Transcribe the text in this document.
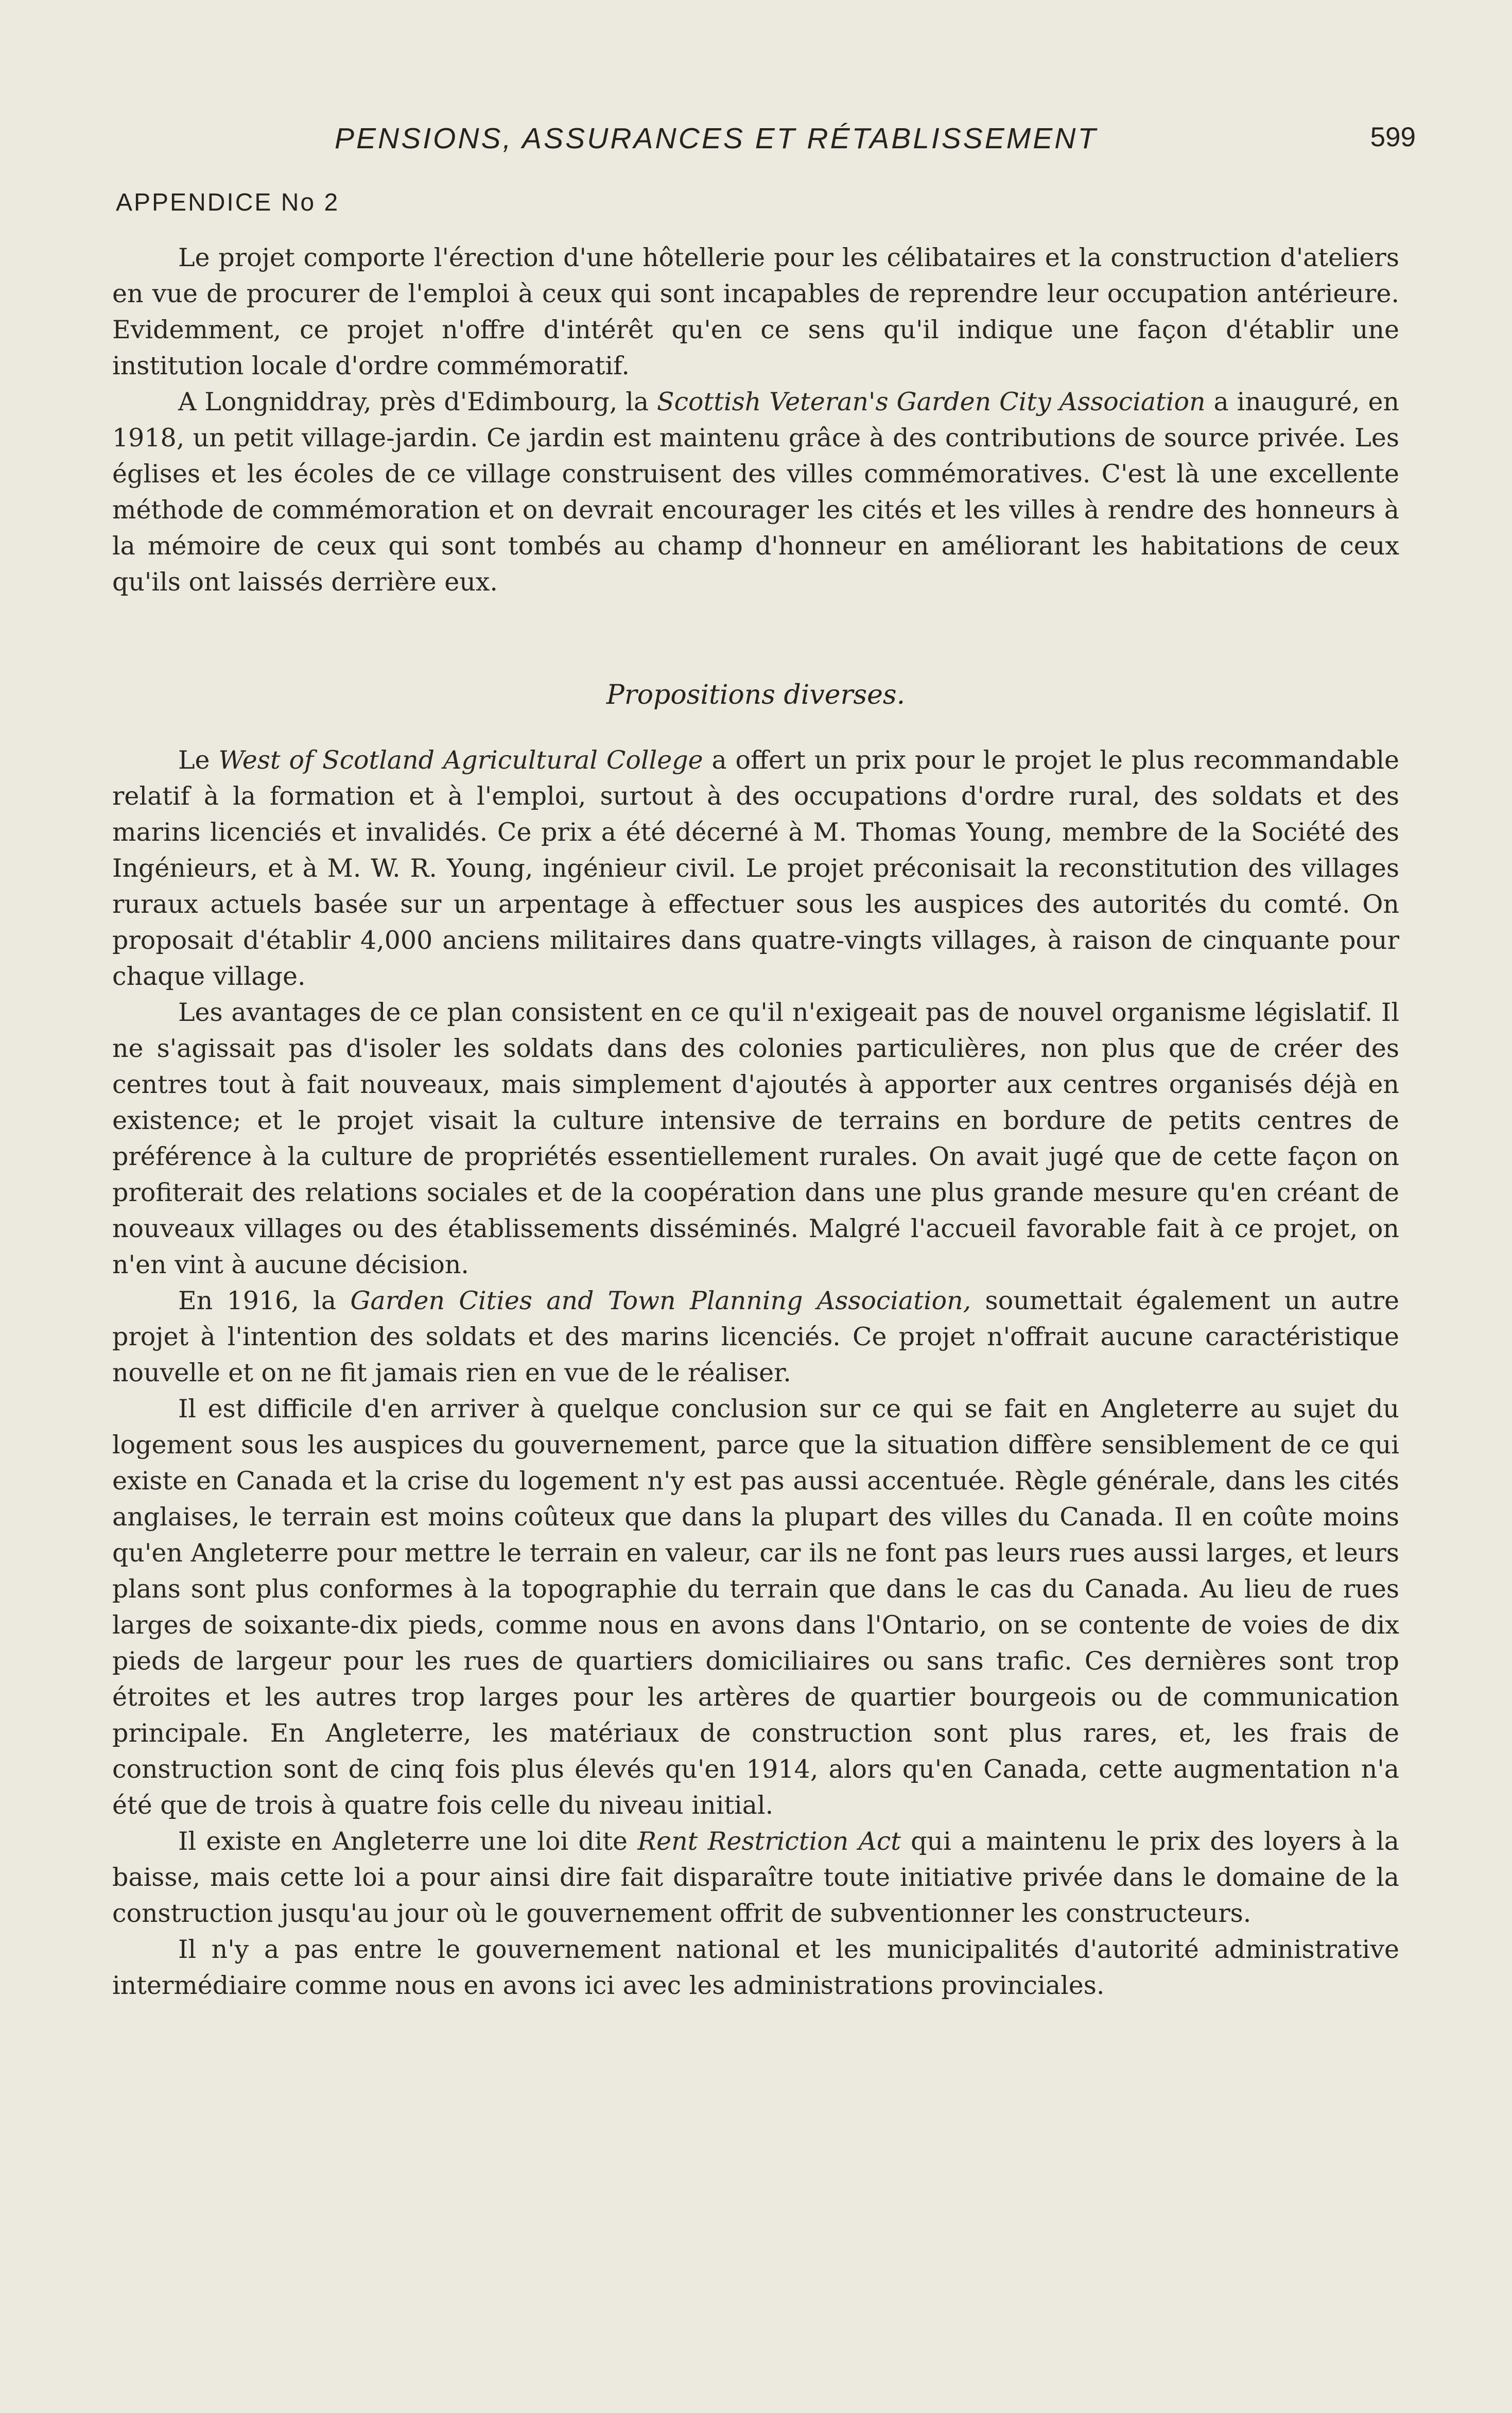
PENSIONS, ASSURANCES ET RÉTABLISSEMENT	599
APPENDICE No 2

Le projet comporte l'érection d'une hôtellerie pour les célibataires et la construction d'ateliers en vue de procurer de l'emploi à ceux qui sont incapables de reprendre leur occupation antérieure. Evidemment, ce projet n'offre d'intérêt qu'en ce sens qu'il indique une façon d'établir une institution locale d'ordre commémoratif.

A Longniddray, près d'Edimbourg, la Scottish Veteran's Garden City Association a inauguré, en 1918, un petit village-jardin. Ce jardin est maintenu grâce à des contributions de source privée. Les églises et les écoles de ce village construisent des villes commémoratives. C'est là une excellente méthode de commémoration et on devrait encourager les cités et les villes à rendre des honneurs à la mémoire de ceux qui sont tombés au champ d'honneur en améliorant les habitations de ceux qu'ils ont laissés derrière eux.

Propositions diverses.

Le West of Scotland Agricultural College a offert un prix pour le projet le plus recommandable relatif à la formation et à l'emploi, surtout à des occupations d'ordre rural, des soldats et des marins licenciés et invalidés. Ce prix a été décerné à M. Thomas Young, membre de la Société des Ingénieurs, et à M. W. R. Young, ingénieur civil. Le projet préconisait la reconstitution des villages ruraux actuels basée sur un arpentage à effectuer sous les auspices des autorités du comté. On proposait d'établir 4,000 anciens militaires dans quatre-vingts villages, à raison de cinquante pour chaque village.

Les avantages de ce plan consistent en ce qu'il n'exigeait pas de nouvel organisme législatif. Il ne s'agissait pas d'isoler les soldats dans des colonies particulières, non plus que de créer des centres tout à fait nouveaux, mais simplement d'ajoutés à apporter aux centres organisés déjà en existence; et le projet visait la culture intensive de terrains en bordure de petits centres de préférence à la culture de propriétés essentiellement rurales. On avait jugé que de cette façon on profiterait des relations sociales et de la coopération dans une plus grande mesure qu'en créant de nouveaux villages ou des établissements disséminés. Malgré l'accueil favorable fait à ce projet, on n'en vint à aucune décision.

En 1916, la Garden Cities and Town Planning Association, soumettait également un autre projet à l'intention des soldats et des marins licenciés. Ce projet n'offrait aucune caractéristique nouvelle et on ne fit jamais rien en vue de le réaliser.

Il est difficile d'en arriver à quelque conclusion sur ce qui se fait en Angleterre au sujet du logement sous les auspices du gouvernement, parce que la situation diffère sensiblement de ce qui existe en Canada et la crise du logement n'y est pas aussi accentuée. Règle générale, dans les cités anglaises, le terrain est moins coûteux que dans la plupart des villes du Canada. Il en coûte moins qu'en Angleterre pour mettre le terrain en valeur, car ils ne font pas leurs rues aussi larges, et leurs plans sont plus conformes à la topographie du terrain que dans le cas du Canada. Au lieu de rues larges de soixante-dix pieds, comme nous en avons dans l'Ontario, on se contente de voies de dix pieds de largeur pour les rues de quartiers domiciliaires ou sans trafic. Ces dernières sont trop étroites et les autres trop larges pour les artères de quartier bourgeois ou de communication principale. En Angleterre, les matériaux de construction sont plus rares, et, les frais de construction sont de cinq fois plus élevés qu'en 1914, alors qu'en Canada, cette augmentation n'a été que de trois à quatre fois celle du niveau initial.

Il existe en Angleterre une loi dite Rent Restriction Act qui a maintenu le prix des loyers à la baisse, mais cette loi a pour ainsi dire fait disparaître toute initiative privée dans le domaine de la construction jusqu'au jour où le gouvernement offrit de subventionner les constructeurs.

Il n'y a pas entre le gouvernement national et les municipalités d'autorité administrative intermédiaire comme nous en avons ici avec les administrations provinciales.
